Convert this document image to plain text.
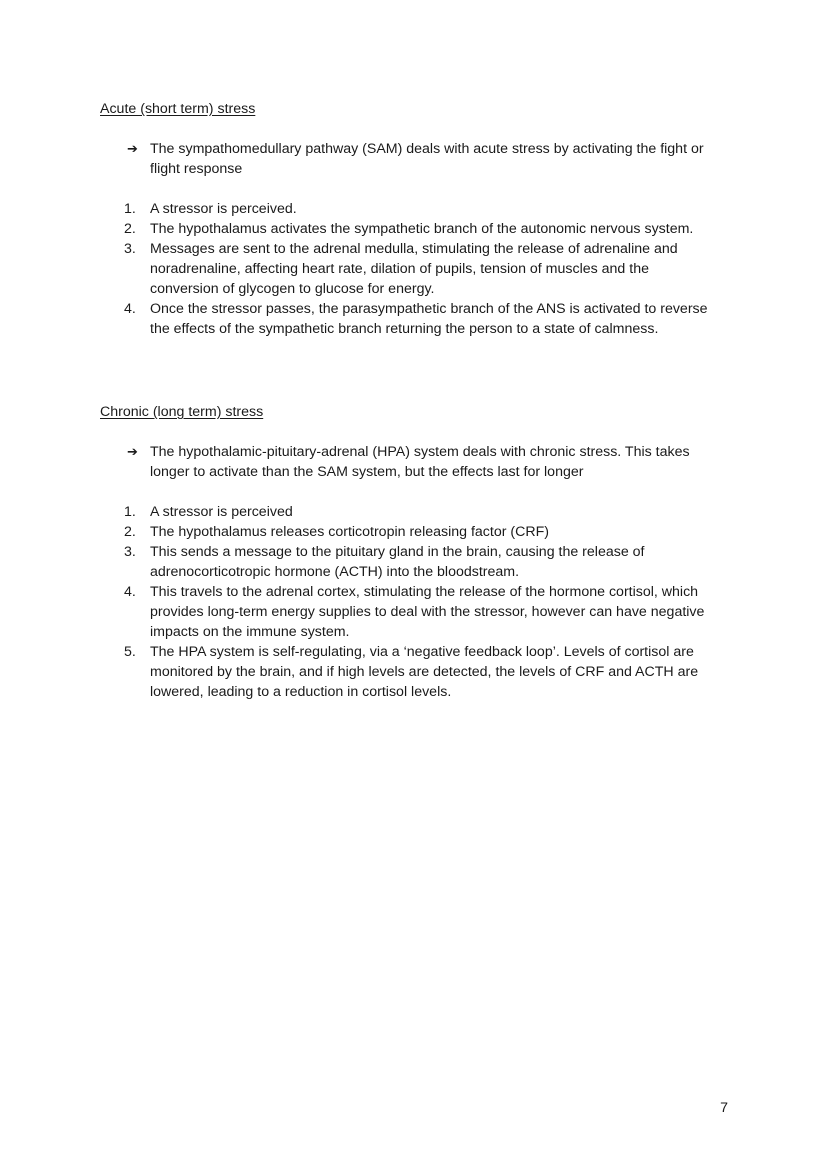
Acute (short term) stress
➔ The sympathomedullary pathway (SAM) deals with acute stress by activating the fight or flight response
1. A stressor is perceived.
2. The hypothalamus activates the sympathetic branch of the autonomic nervous system.
3. Messages are sent to the adrenal medulla, stimulating the release of adrenaline and noradrenaline, affecting heart rate, dilation of pupils, tension of muscles and the conversion of glycogen to glucose for energy.
4. Once the stressor passes, the parasympathetic branch of the ANS is activated to reverse the effects of the sympathetic branch returning the person to a state of calmness.
Chronic (long term) stress
➔ The hypothalamic-pituitary-adrenal (HPA) system deals with chronic stress. This takes longer to activate than the SAM system, but the effects last for longer
1. A stressor is perceived
2. The hypothalamus releases corticotropin releasing factor (CRF)
3. This sends a message to the pituitary gland in the brain, causing the release of adrenocorticotropic hormone (ACTH) into the bloodstream.
4. This travels to the adrenal cortex, stimulating the release of the hormone cortisol, which provides long-term energy supplies to deal with the stressor, however can have negative impacts on the immune system.
5. The HPA system is self-regulating, via a ‘negative feedback loop’. Levels of cortisol are monitored by the brain, and if high levels are detected, the levels of CRF and ACTH are lowered, leading to a reduction in cortisol levels.
7
